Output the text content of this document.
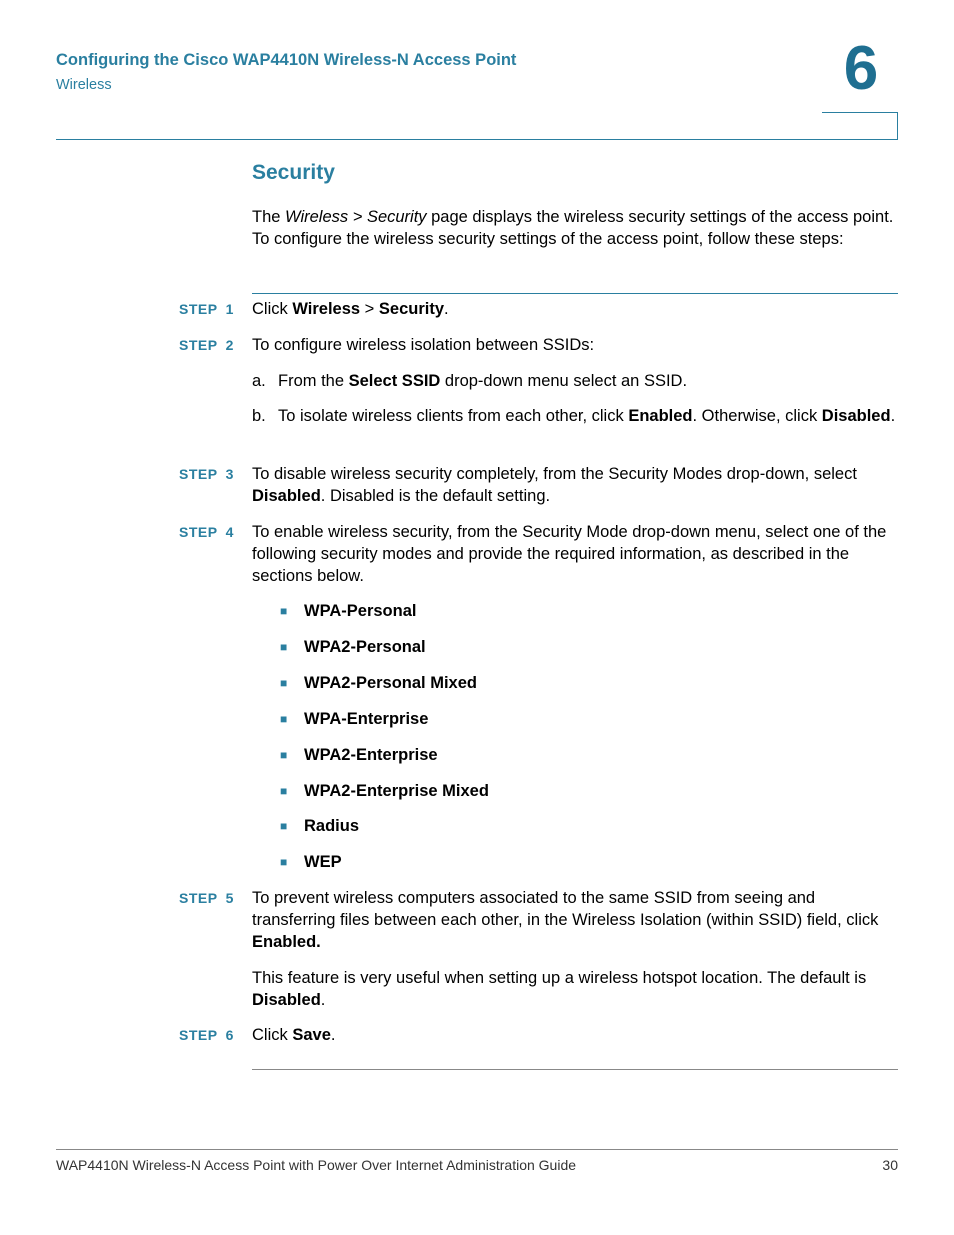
Configuring the Cisco WAP4410N Wireless-N Access Point
Wireless	6
Security
The Wireless > Security page displays the wireless security settings of the access point. To configure the wireless security settings of the access point, follow these steps:
STEP 1 Click Wireless > Security.
STEP 2 To configure wireless isolation between SSIDs:
a. From the Select SSID drop-down menu select an SSID.
b. To isolate wireless clients from each other, click Enabled. Otherwise, click Disabled.
STEP 3 To disable wireless security completely, from the Security Modes drop-down, select Disabled. Disabled is the default setting.
STEP 4 To enable wireless security, from the Security Mode drop-down menu, select one of the following security modes and provide the required information, as described in the sections below.
■ WPA-Personal
■ WPA2-Personal
■ WPA2-Personal Mixed
■ WPA-Enterprise
■ WPA2-Enterprise
■ WPA2-Enterprise Mixed
■ Radius
■ WEP
STEP 5 To prevent wireless computers associated to the same SSID from seeing and transferring files between each other, in the Wireless Isolation (within SSID) field, click Enabled.
This feature is very useful when setting up a wireless hotspot location. The default is Disabled.
STEP 6 Click Save.
WAP4410N Wireless-N Access Point with Power Over Internet Administration Guide	30
